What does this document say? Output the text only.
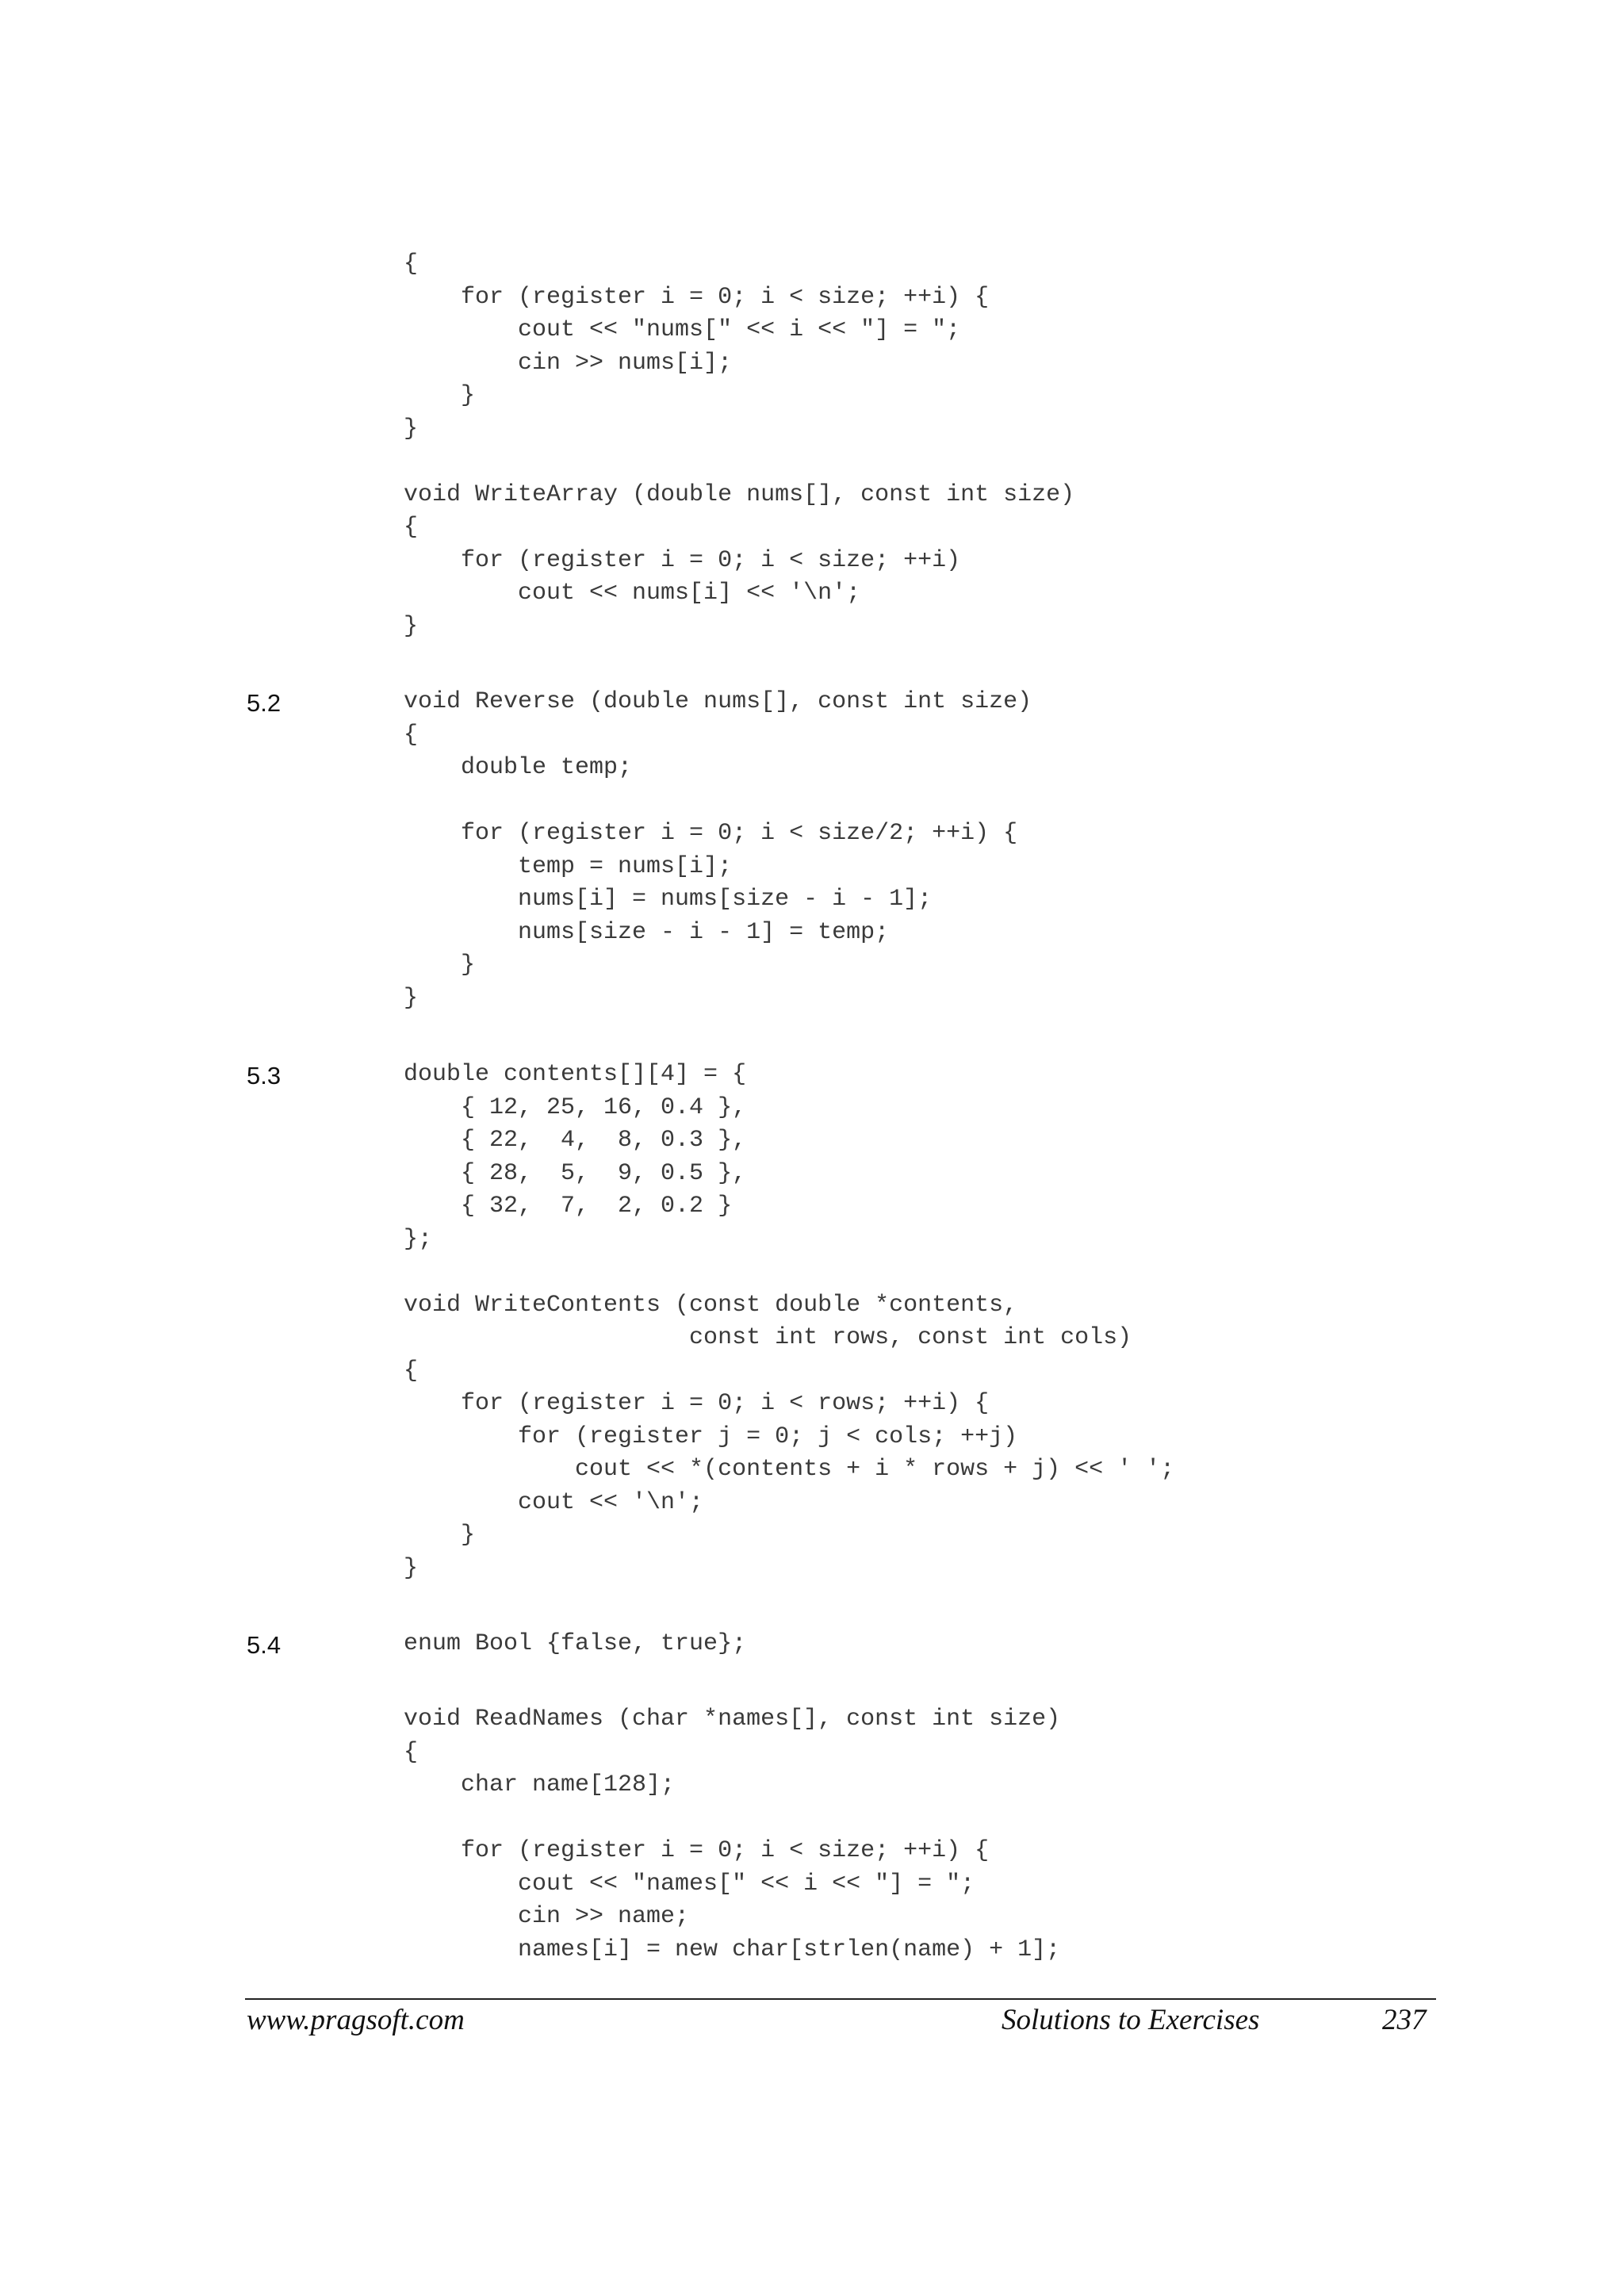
{
for (register i = 0; i < size; ++i) {
cout << "nums[" << i << "] = ";
cin >> nums[i];
}
}
void WriteArray (double nums[], const int size)
{
for (register i = 0; i < size; ++i)
cout << nums[i] << '\n';
}
5.2	void Reverse (double nums[], const int size)
{
double temp;
for (register i = 0; i < size/2; ++i) {
temp = nums[i];
nums[i] = nums[size - i - 1];
nums[size - i - 1] = temp;
}
}
5.3	double contents[][4] = {
{ 12, 25, 16, 0.4 },
{ 22,  4,  8, 0.3 },
{ 28,  5,  9, 0.5 },
{ 32,  7,  2, 0.2 }
};
void WriteContents (const double *contents,
const int rows, const int cols)
{
for (register i = 0; i < rows; ++i) {
for (register j = 0; j < cols; ++j)
cout << *(contents + i * rows + j) << ' ';
cout << '\n';
}
}
5.4	enum Bool {false, true};
void ReadNames (char *names[], const int size)
{
char name[128];
for (register i = 0; i < size; ++i) {
cout << "names[" << i << "] = ";
cin >> name;
names[i] = new char[strlen(name) + 1];
www.pragsoft.com	Solutions to Exercises	237
